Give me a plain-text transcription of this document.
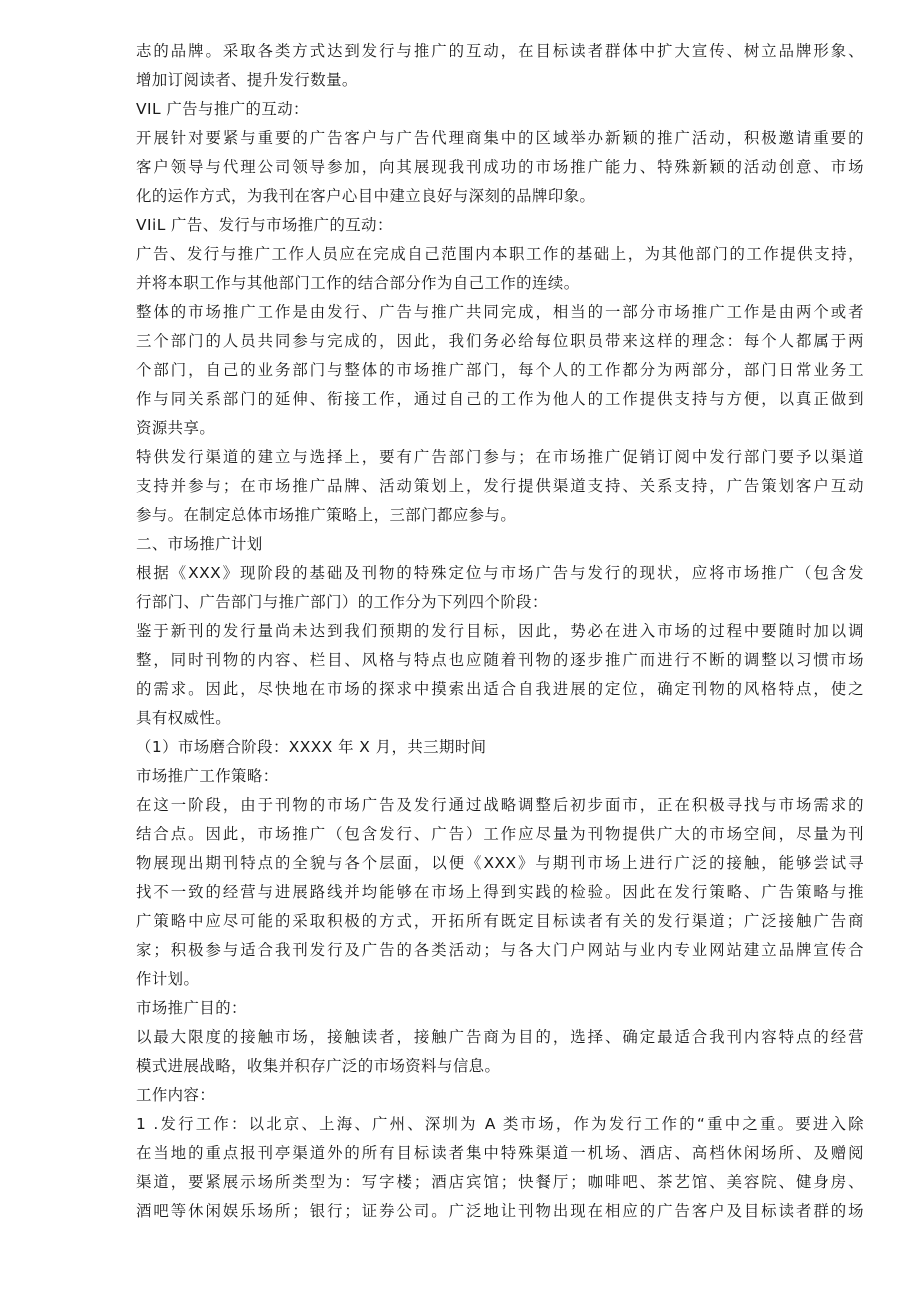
志的品牌。采取各类方式达到发行与推广的互动，在目标读者群体中扩大宣传、树立品牌形象、
增加订阅读者、提升发行数量。
VIL 广告与推广的互动：
开展针对要紧与重要的广告客户与广告代理商集中的区域举办新颖的推广活动，积极邀请重要的
客户领导与代理公司领导参加，向其展现我刊成功的市场推广能力、特殊新颖的活动创意、市场
化的运作方式，为我刊在客户心目中建立良好与深刻的品牌印象。
VIiL 广告、发行与市场推广的互动：
广告、发行与推广工作人员应在完成自己范围内本职工作的基础上，为其他部门的工作提供支持，
并将本职工作与其他部门工作的结合部分作为自己工作的连续。
整体的市场推广工作是由发行、广告与推广共同完成，相当的一部分市场推广工作是由两个或者
三个部门的人员共同参与完成的，因此，我们务必给每位职员带来这样的理念：每个人都属于两
个部门，自己的业务部门与整体的市场推广部门，每个人的工作都分为两部分，部门日常业务工
作与同关系部门的延伸、衔接工作，通过自己的工作为他人的工作提供支持与方便，以真正做到
资源共享。
特供发行渠道的建立与选择上，要有广告部门参与；在市场推广促销订阅中发行部门要予以渠道
支持并参与；在市场推广品牌、活动策划上，发行提供渠道支持、关系支持，广告策划客户互动
参与。在制定总体市场推广策略上，三部门都应参与。
二、市场推广计划
根据《XXX》现阶段的基础及刊物的特殊定位与市场广告与发行的现状，应将市场推广（包含发
行部门、广告部门与推广部门）的工作分为下列四个阶段：
鉴于新刊的发行量尚未达到我们预期的发行目标，因此，势必在进入市场的过程中要随时加以调
整，同时刊物的内容、栏目、风格与特点也应随着刊物的逐步推广而进行不断的调整以习惯市场
的需求。因此，尽快地在市场的探求中摸索出适合自我进展的定位，确定刊物的风格特点，使之
具有权威性。
（1）市场磨合阶段：XXXX 年 X 月，共三期时间
市场推广工作策略：
在这一阶段，由于刊物的市场广告及发行通过战略调整后初步面市，正在积极寻找与市场需求的
结合点。因此，市场推广（包含发行、广告）工作应尽量为刊物提供广大的市场空间，尽量为刊
物展现出期刊特点的全貌与各个层面，以便《XXX》与期刊市场上进行广泛的接触，能够尝试寻
找不一致的经营与进展路线并均能够在市场上得到实践的检验。因此在发行策略、广告策略与推
广策略中应尽可能的采取积极的方式，开拓所有既定目标读者有关的发行渠道；广泛接触广告商
家；积极参与适合我刊发行及广告的各类活动；与各大门户网站与业内专业网站建立品牌宣传合
作计划。
市场推广目的：
以最大限度的接触市场，接触读者，接触广告商为目的，选择、确定最适合我刊内容特点的经营
模式进展战略，收集并积存广泛的市场资料与信息。
工作内容：
1 .发行工作：以北京、上海、广州、深圳为 A 类市场，作为发行工作的“重中之重。要进入除
在当地的重点报刊亭渠道外的所有目标读者集中特殊渠道一机场、酒店、高档休闲场所、及赠阅
渠道，要紧展示场所类型为：写字楼；酒店宾馆；快餐厅；咖啡吧、茶艺馆、美容院、健身房、
酒吧等休闲娱乐场所；银行；证券公司。广泛地让刊物出现在相应的广告客户及目标读者群的场
